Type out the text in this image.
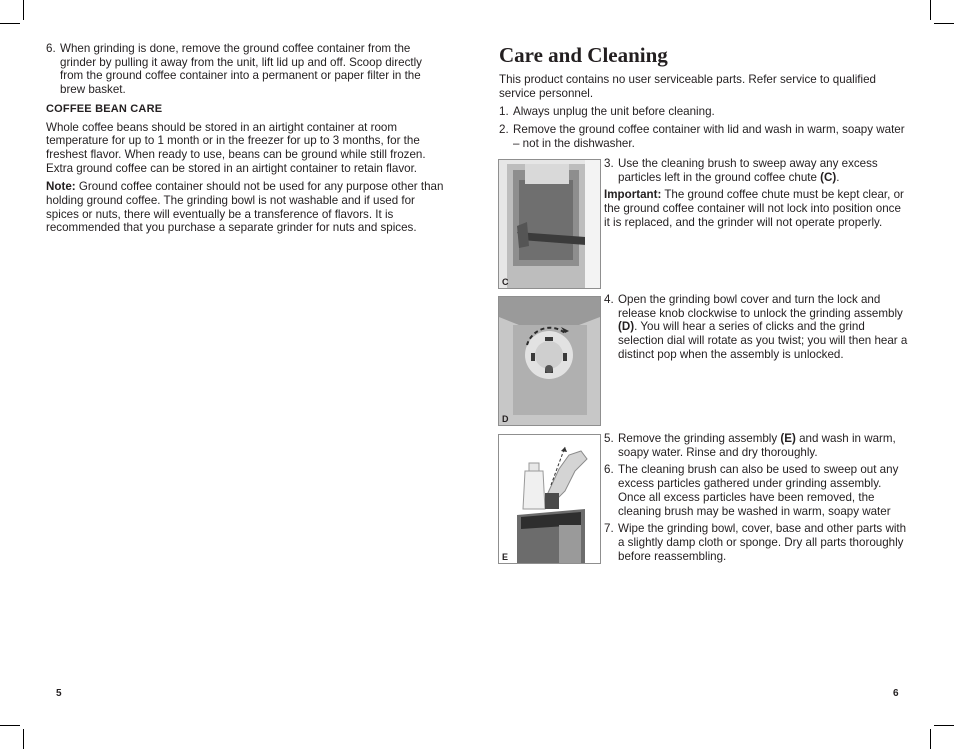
6. When grinding is done, remove the ground coffee container from the grinder by pulling it away from the unit, lift lid up and off. Scoop directly from the ground coffee container into a permanent or paper filter in the brew basket.
COFFEE BEAN CARE

Whole coffee beans should be stored in an airtight container at room temperature for up to 1 month or in the freezer for up to 3 months, for the freshest flavor. When ready to use, beans can be ground while still frozen. Extra ground coffee can be stored in an airtight container to retain flavor.

Note: Ground coffee container should not be used for any purpose other than holding ground coffee. The grinding bowl is not washable and if used for spices or nuts, there will eventually be a transference of flavors. It is recommended that you purchase a separate grinder for nuts and spices.

5
Care and Cleaning

This product contains no user serviceable parts. Refer service to qualified service personnel.

1. Always unplug the unit before cleaning.
2. Remove the ground coffee container with lid and wash in warm, soapy water – not in the dishwasher.
C
3. Use the cleaning brush to sweep away any excess particles left in the ground coffee chute (C).

Important: The ground coffee chute must be kept clear, or the ground coffee container will not lock into position once it is replaced, and the grinder will not operate properly.

D
4. Open the grinding bowl cover and turn the lock and release knob clockwise to unlock the grinding assembly (D). You will hear a series of clicks and the grind selection dial will rotate as you twist; you will then hear a distinct pop when the assembly is unlocked.
E
5. Remove the grinding assembly (E) and wash in warm, soapy water. Rinse and dry thoroughly.
6. The cleaning brush can also be used to sweep out any excess particles gathered under grinding assembly. Once all excess particles have been removed, the cleaning brush may be washed in warm, soapy water
7. Wipe the grinding bowl, cover, base and other parts with a slightly damp cloth or sponge. Dry all parts thoroughly before reassembling.
6
